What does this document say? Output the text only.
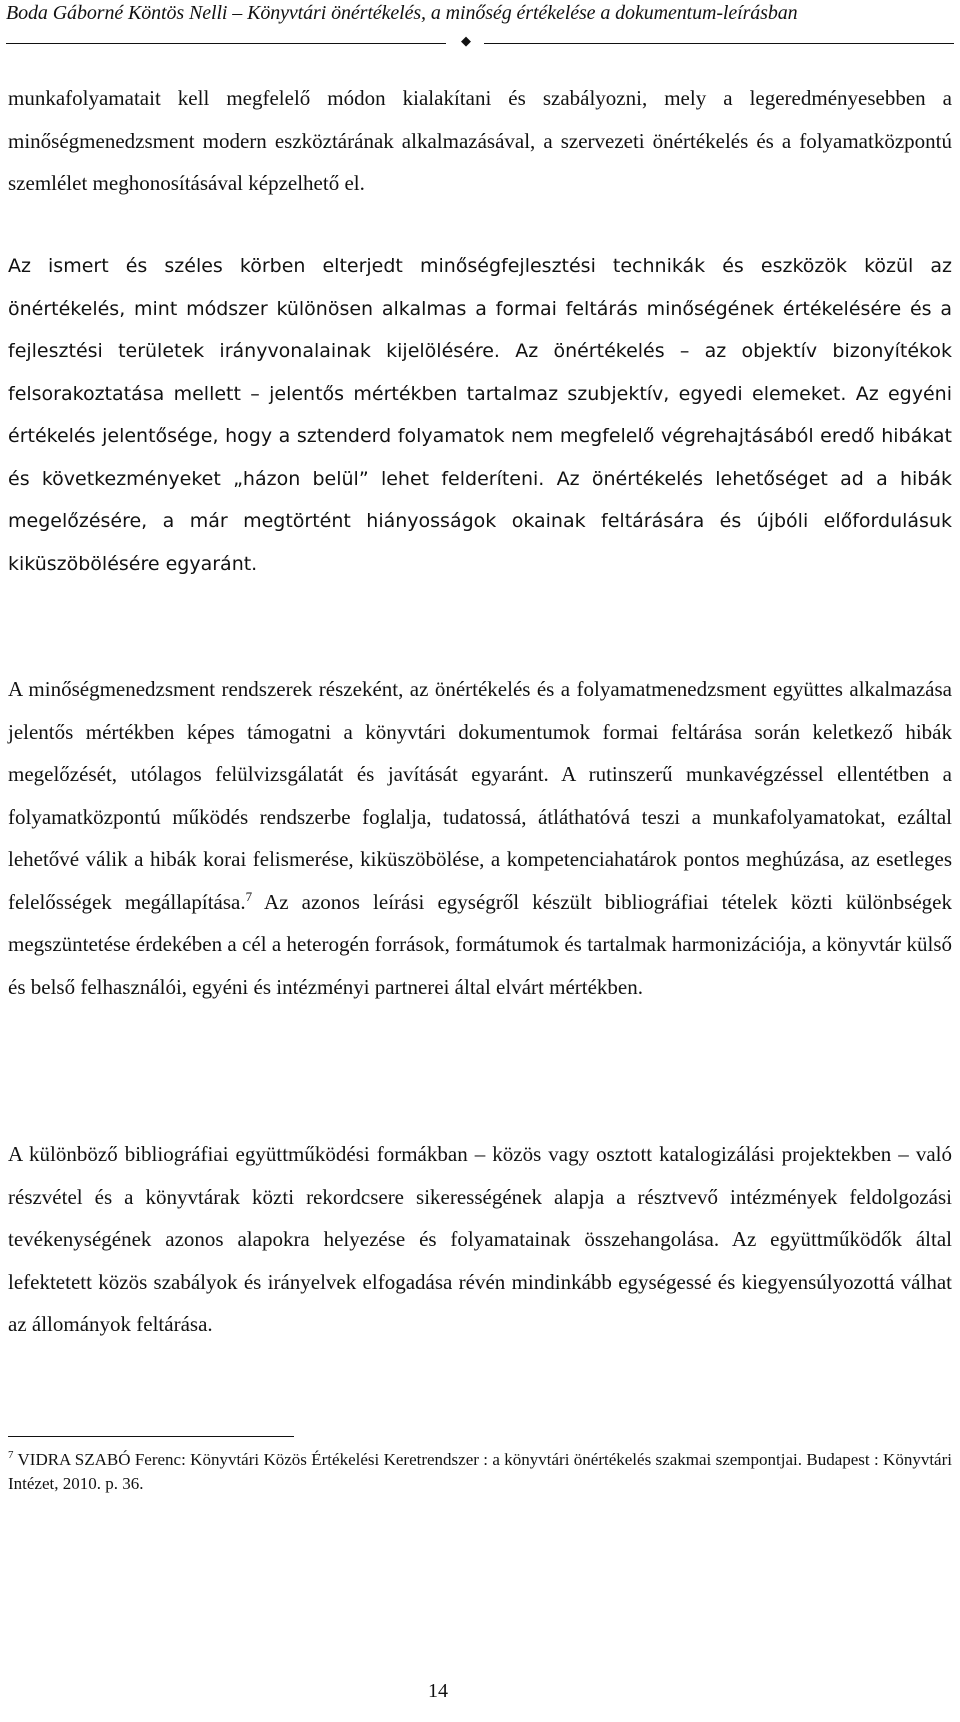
Boda Gáborné Köntös Nelli – Könyvtári önértékelés, a minőség értékelése a dokumentum-leírásban
◆

munkafolyamatait kell megfelelő módon kialakítani és szabályozni, mely a legeredményesebben a minőségmenedzsment modern eszköztárának alkalmazásával, a szervezeti önértékelés és a folyamatközpontú szemlélet meghonosításával képzelhető el.

Az ismert és széles körben elterjedt minőségfejlesztési technikák és eszközök közül az önértékelés, mint módszer különösen alkalmas a formai feltárás minőségének értékelésére és a fejlesztési területek irányvonalainak kijelölésére. Az önértékelés – az objektív bizonyítékok felsorakoztatása mellett – jelentős mértékben tartalmaz szubjektív, egyedi elemeket. Az egyéni értékelés jelentősége, hogy a sztenderd folyamatok nem megfelelő végrehajtásából eredő hibákat és következményeket „házon belül” lehet felderíteni. Az önértékelés lehetőséget ad a hibák megelőzésére, a már megtörtént hiányosságok okainak feltárására és újbóli előfordulásuk kiküszöbölésére egyaránt.

A minőségmenedzsment rendszerek részeként, az önértékelés és a folyamatmenedzsment együttes alkalmazása jelentős mértékben képes támogatni a könyvtári dokumentumok formai feltárása során keletkező hibák megelőzését, utólagos felülvizsgálatát és javítását egyaránt. A rutinszerű munkavégzéssel ellentétben a folyamatközpontú működés rendszerbe foglalja, tudatossá, átláthatóvá teszi a munkafolyamatokat, ezáltal lehetővé válik a hibák korai felismerése, kiküszöbölése, a kompetenciahatárok pontos meghúzása, az esetleges felelősségek megállapítása.$^7$ Az azonos leírási egységről készült bibliográfiai tételek közti különbségek megszüntetése érdekében a cél a heterogén források, formátumok és tartalmak harmonizációja, a könyvtár külső és belső felhasználói, egyéni és intézményi partnerei által elvárt mértékben.

A különböző bibliográfiai együttműködési formákban – közös vagy osztott katalogizálási projektekben – való részvétel és a könyvtárak közti rekordcsere sikerességének alapja a résztvevő intézmények feldolgozási tevékenységének azonos alapokra helyezése és folyamatainak összehangolása. Az együttműködők által lefektetett közös szabályok és irányelvek elfogadása révén mindinkább egységessé és kiegyensúlyozottá válhat az állományok feltárása.

$^7$ VIDRA SZABÓ Ferenc: Könyvtári Közös Értékelési Keretrendszer : a könyvtári önértékelés szakmai szempontjai. Budapest : Könyvtári Intézet, 2010. p. 36.

14
